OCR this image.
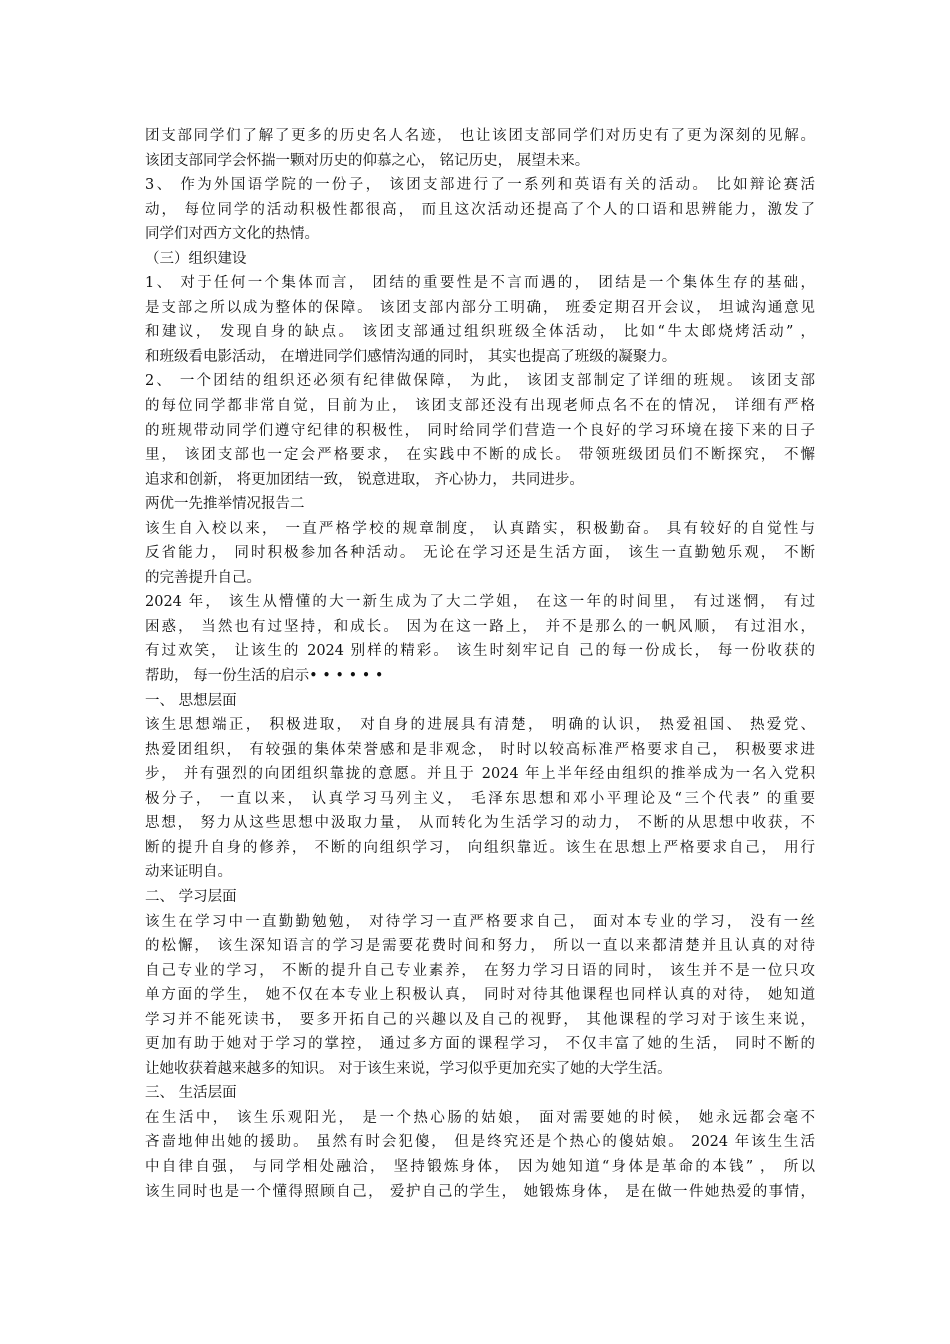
团支部同学们了解了更多的历史名人名迹， 也让该团支部同学们对历史有了更为深刻的见解。
该团支部同学会怀揣一颗对历史的仰慕之心， 铭记历史， 展望未来。
3、 作为外国语学院的一份子， 该团支部进行了一系列和英语有关的活动。 比如辩论赛活
动， 每位同学的活动积极性都很高， 而且这次活动还提高了个人的口语和思辨能力，激发了
同学们对西方文化的热情。
（三）组织建设
1、 对于任何一个集体而言， 团结的重要性是不言而遇的， 团结是一个集体生存的基础，
是支部之所以成为整体的保障。 该团支部内部分工明确， 班委定期召开会议， 坦诚沟通意见
和建议， 发现自身的缺点。 该团支部通过组织班级全体活动， 比如“牛太郎烧烤活动” ，
和班级看电影活动， 在增进同学们感情沟通的同时， 其实也提高了班级的凝聚力。
2、 一个团结的组织还必须有纪律做保障， 为此， 该团支部制定了详细的班规。 该团支部
的每位同学都非常自觉，目前为止， 该团支部还没有出现老师点名不在的情况， 详细有严格
的班规带动同学们遵守纪律的积极性， 同时给同学们营造一个良好的学习环境在接下来的日子
里， 该团支部也一定会严格要求， 在实践中不断的成长。 带领班级团员们不断探究， 不懈
追求和创新， 将更加团结一致， 锐意进取， 齐心协力， 共同进步。
两优一先推举情况报告二
该生自入校以来， 一直严格学校的规章制度， 认真踏实，积极勤奋。 具有较好的自觉性与
反省能力， 同时积极参加各种活动。 无论在学习还是生活方面， 该生一直勤勉乐观， 不断
的完善提升自己。
2024 年， 该生从懵懂的大一新生成为了大二学姐， 在这一年的时间里， 有过迷惘， 有过
困惑， 当然也有过坚持，和成长。 因为在这一路上， 并不是那么的一帆风顺， 有过泪水，
有过欢笑， 让该生的 2024 别样的精彩。 该生时刻牢记自 己的每一份成长， 每一份收获的
帮助， 每一份生活的启示• • • • • •
一、 思想层面
该生思想端正， 积极进取， 对自身的进展具有清楚， 明确的认识， 热爱祖国、 热爱党、
热爱团组织， 有较强的集体荣誉感和是非观念， 时时以较高标准严格要求自己， 积极要求进
步， 并有强烈的向团组织靠拢的意愿。并且于 2024 年上半年经由组织的推举成为一名入党积
极分子， 一直以来， 认真学习马列主义， 毛泽东思想和邓小平理论及“三个代表” 的重要
思想， 努力从这些思想中汲取力量， 从而转化为生活学习的动力， 不断的从思想中收获，不
断的提升自身的修养， 不断的向组织学习， 向组织靠近。该生在思想上严格要求自己， 用行
动来证明自。
二、 学习层面
该生在学习中一直勤勤勉勉， 对待学习一直严格要求自己， 面对本专业的学习， 没有一丝
的松懈， 该生深知语言的学习是需要花费时间和努力， 所以一直以来都清楚并且认真的对待
自己专业的学习， 不断的提升自己专业素养， 在努力学习日语的同时， 该生并不是一位只攻
单方面的学生， 她不仅在本专业上积极认真， 同时对待其他课程也同样认真的对待， 她知道
学习并不能死读书， 要多开拓自己的兴趣以及自己的视野， 其他课程的学习对于该生来说，
更加有助于她对于学习的掌控， 通过多方面的课程学习， 不仅丰富了她的生活， 同时不断的
让她收获着越来越多的知识。 对于该生来说，学习似乎更加充实了她的大学生活。
三、 生活层面
在生活中， 该生乐观阳光， 是一个热心肠的姑娘， 面对需要她的时候， 她永远都会毫不
吝啬地伸出她的援助。 虽然有时会犯傻， 但是终究还是个热心的傻姑娘。 2024 年该生生活
中自律自强， 与同学相处融洽， 坚持锻炼身体， 因为她知道“身体是革命的本钱” ， 所以
该生同时也是一个懂得照顾自己， 爱护自己的学生， 她锻炼身体， 是在做一件她热爱的事情，
